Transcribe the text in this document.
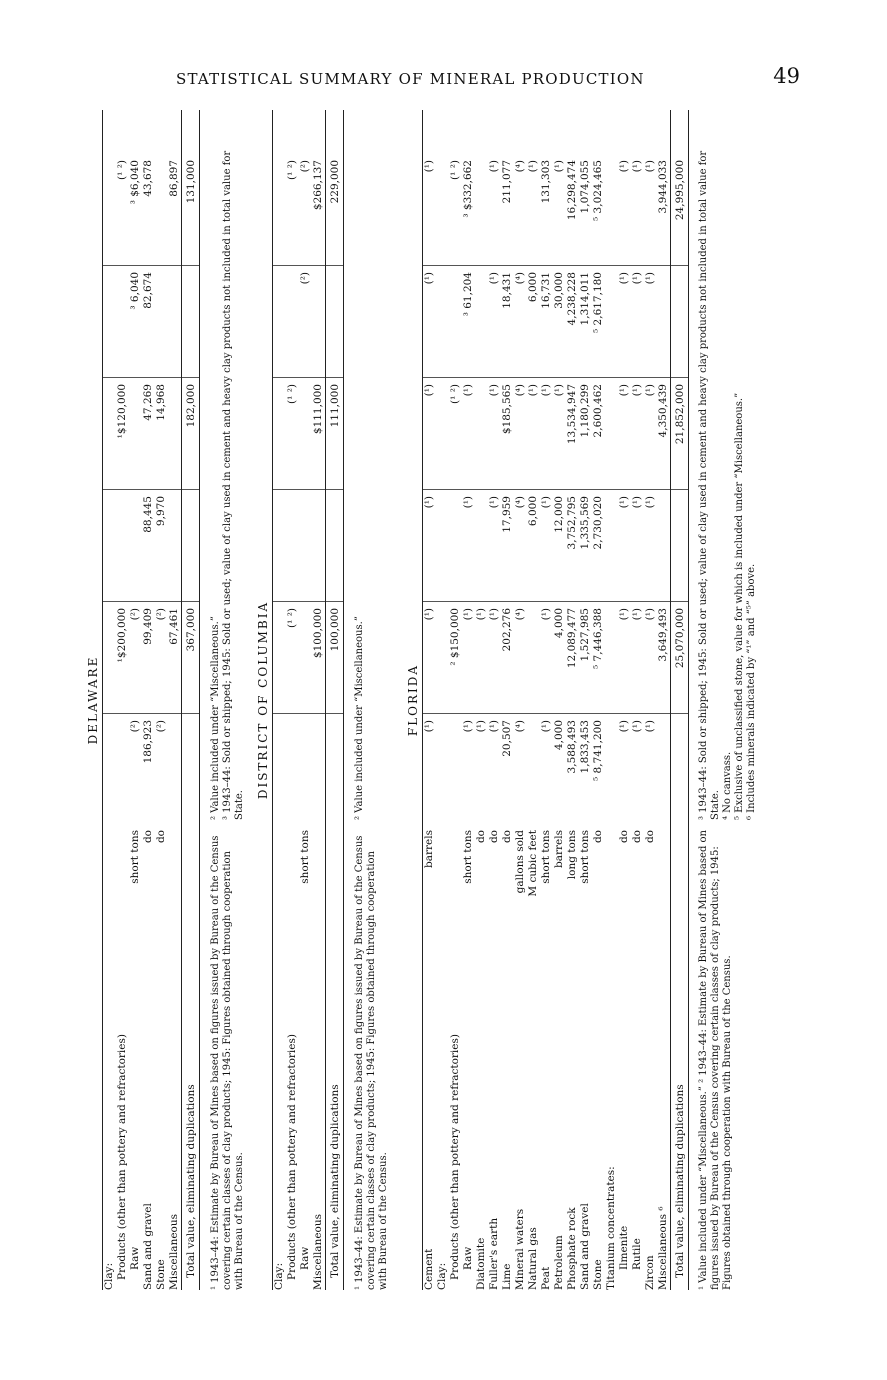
STATISTICAL SUMMARY OF MINERAL PRODUCTION	49

DELAWARE

Clay: Products (other than pottery and refractories)
¹$200,000
¹$120,000
(¹ ²)
Raw
short tons
(²)
(²)
³ 6,040
³ $6,040
Sand and gravel
do
186,923
99,409
88,445
47,269
82,674
43,678
Stone
do
(²)
(²)
9,970
14,968
Miscellaneous
67,461
86,897
Total value, eliminating duplications
367,000
182,000
131,000
¹ 1943–44: Estimate by Bureau of Mines based on figures issued by Bureau of the Census covering certain classes of clay products; 1945: Figures obtained through cooperation with Bureau of the Census.
² Value included under “Miscellaneous.” ³ 1943–44: Sold or shipped; 1945: Sold or used; value of clay used in cement and heavy clay products not included in total value for State.

DISTRICT OF COLUMBIA

Clay: Products (other than pottery and refractories)
(¹ ²)
(¹ ²)
(¹ ²)
Raw
short tons
(²)
(²)
Miscellaneous
$100,000
$111,000
$266,137
Total value, eliminating duplications
100,000
111,000
229,000
¹ 1943–44: Estimate by Bureau of Mines based on figures issued by Bureau of the Census covering certain classes of clay products; 1945: Figures obtained through cooperation with Bureau of the Census.
² Value included under “Miscellaneous.”	FLORIDA

Cement
barrels
(¹)
(¹)
(¹)
(¹)
(¹)
(¹)
Clay: Products (other than pottery and refractories)
² $150,000
(¹ ²)
(¹ ²)
Raw
short tons
(¹)
(¹)
(¹)
(¹)
³ 61,204
³ $332,662
Diatomite
do
(¹)
(¹)
Fuller's earth
do
(¹)
(¹)
(¹)
(¹)
(¹)
(¹)
Lime
do
20,507
202,276
17,959
$185,565
18,431
211,077
Mineral waters
gallons sold
(⁴)
(⁴)
(⁴)
(⁴)
(⁴)
(⁴)
Natural gas
M cubic feet
6,000
(¹)
6,000
(¹)
Peat
short tons
(¹)
(¹)
(¹)
(¹)
16,731
131,303
Petroleum
barrels
4,000
4,000
12,000
(¹)
30,000
(¹)
Phosphate rock
long tons
3,588,493
12,089,477
3,752,795
13,534,947
4,238,228
16,298,474
Sand and gravel
short tons
1,833,453
1,527,985
1,335,569
1,180,299
1,314,011
1,074,055
Stone
do
⁵ 8,741,200
⁵ 7,446,388
2,730,020
2,600,462
⁵ 2,617,180
⁵ 3,024,465
Titanium concentrates: Ilmenite
do
(¹)
(¹)
(¹)
(¹)
(¹)
(¹)
Rutile
do
(¹)
(¹)
(¹)
(¹)
(¹)
(¹)
Zircon
do
(¹)
(¹)
(¹)
(¹)
(¹)
(¹)
Miscellaneous ⁶
3,649,493
4,350,439
3,944,033
Total value, eliminating duplications
25,070,000
21,852,000
24,995,000
¹ Value included under “Miscellaneous.” ² 1943–44: Estimate by Bureau of Mines based on figures issued by Bureau of the Census covering certain classes of clay products; 1945: Figures obtained through cooperation with Bureau of the Census.
³ 1943–44: Sold or shipped; 1945: Sold or used; value of clay used in cement and heavy clay products not included in total value for State. ⁴ No canvass. ⁵ Exclusive of unclassified stone, value for which is included under “Miscellaneous.” ⁶ Includes minerals indicated by “¹” and “⁵” above.
